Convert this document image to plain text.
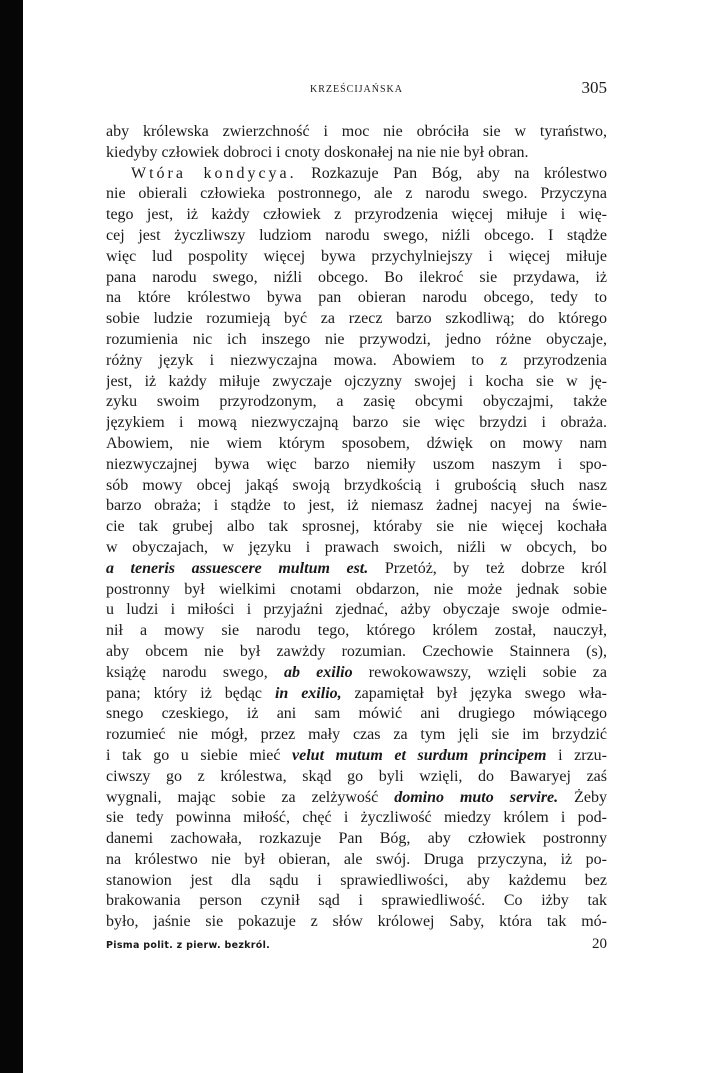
KRZEŚCIJAŃSKA	305
aby królewska zwierzchność i moc nie obróciła sie w tyraństwo,
kiedyby człowiek dobroci i cnoty doskonałej na nie nie był obran.
Wtóra kondycya. Rozkazuje Pan Bóg, aby na królestwo
nie obierali człowieka postronnego, ale z narodu swego. Przyczyna
tego jest, iż każdy człowiek z przyrodzenia więcej miłuje i wię-
cej jest życzliwszy ludziom narodu swego, niźli obcego. I stądże
więc lud pospolity więcej bywa przychylniejszy i więcej miłuje
pana narodu swego, niźli obcego. Bo ilekroć sie przydawa, iż
na które królestwo bywa pan obieran narodu obcego, tedy to
sobie ludzie rozumieją być za rzecz barzo szkodliwą; do którego
rozumienia nic ich inszego nie przywodzi, jedno różne obyczaje,
różny język i niezwyczajna mowa. Abowiem to z przyrodzenia
jest, iż każdy miłuje zwyczaje ojczyzny swojej i kocha sie w ję-
zyku swoim przyrodzonym, a zasię obcymi obyczajmi, także
językiem i mową niezwyczajną barzo sie więc brzydzi i obraża.
Abowiem, nie wiem którym sposobem, dźwięk on mowy nam
niezwyczajnej bywa więc barzo niemiły uszom naszym i spo-
sób mowy obcej jakąś swoją brzydkością i grubością słuch nasz
barzo obraża; i stądże to jest, iż niemasz żadnej nacyej na świe-
cie tak grubej albo tak sprosnej, któraby sie nie więcej kochała
w obyczajach, w języku i prawach swoich, niźli w obcych, bo
a teneris assuescere multum est. Przetóż, by też dobrze król
postronny był wielkimi cnotami obdarzon, nie może jednak sobie
u ludzi i miłości i przyjaźni zjednać, ażby obyczaje swoje odmie-
nił a mowy sie narodu tego, którego królem został, nauczył,
aby obcem nie był zawżdy rozumian. Czechowie Stainnera (s),
książę narodu swego, ab exilio rewokowawszy, wzięli sobie za
pana; który iż będąc in exilio, zapamiętał był języka swego wła-
snego czeskiego, iż ani sam mówić ani drugiego mówiącego
rozumieć nie mógł, przez mały czas za tym jęli sie im brzydzić
i tak go u siebie mieć velut mutum et surdum principem i zrzu-
ciwszy go z królestwa, skąd go byli wzięli, do Bawaryej zaś
wygnali, mając sobie za zelżywość domino muto servire. Żeby
sie tedy powinna miłość, chęć i życzliwość miedzy królem i pod-
danemi zachowała, rozkazuje Pan Bóg, aby człowiek postronny
na królestwo nie był obieran, ale swój. Druga przyczyna, iż po-
stanowion jest dla sądu i sprawiedliwości, aby każdemu bez
brakowania person czynił sąd i sprawiedliwość. Co iżby tak
było, jaśnie sie pokazuje z słów królowej Saby, która tak mó-
Pisma polit. z pierw. bezkról.	20
